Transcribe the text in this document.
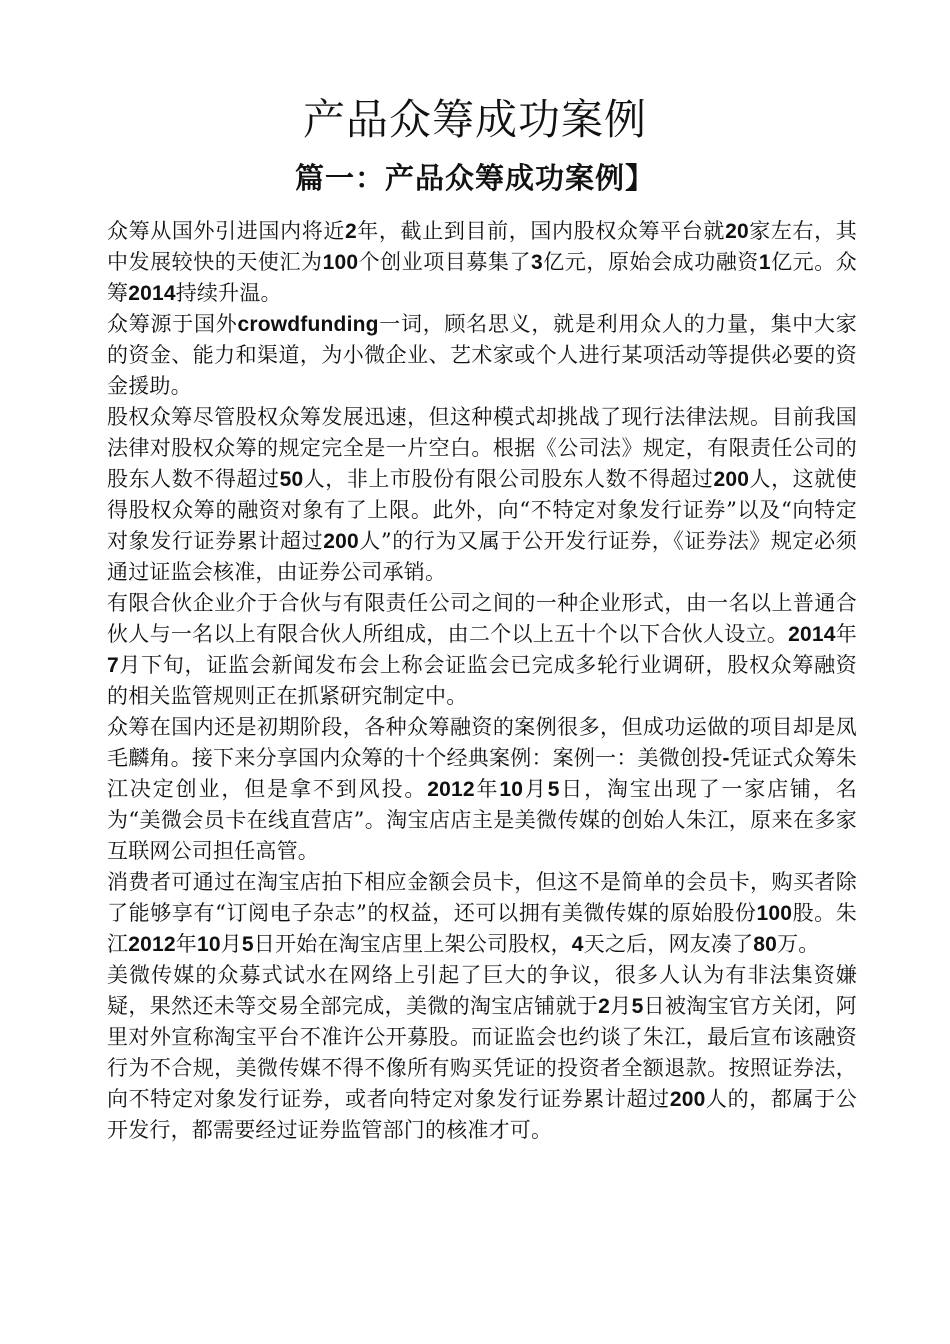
产品众筹成功案例
篇一：产品众筹成功案例】

众筹从国外引进国内将近2年，截止到目前，国内股权众筹平台就20家左右，其中发展较快的天使汇为100个创业项目募集了3亿元，原始会成功融资1亿元。众筹2014持续升温。

众筹源于国外crowdfunding一词，顾名思义，就是利用众人的力量，集中大家的资金、能力和渠道，为小微企业、艺术家或个人进行某项活动等提供必要的资金援助。

股权众筹尽管股权众筹发展迅速，但这种模式却挑战了现行法律法规。目前我国法律对股权众筹的规定完全是一片空白。根据《公司法》规定，有限责任公司的股东人数不得超过50人，非上市股份有限公司股东人数不得超过200人，这就使得股权众筹的融资对象有了上限。此外，向“不特定对象发行证券”以及“向特定对象发行证券累计超过200人”的行为又属于公开发行证券，《证券法》规定必须通过证监会核准，由证券公司承销。

有限合伙企业介于合伙与有限责任公司之间的一种企业形式，由一名以上普通合伙人与一名以上有限合伙人所组成，由二个以上五十个以下合伙人设立。2014年7月下旬，证监会新闻发布会上称会证监会已完成多轮行业调研，股权众筹融资的相关监管规则正在抓紧研究制定中。

众筹在国内还是初期阶段，各种众筹融资的案例很多，但成功运做的项目却是凤毛麟角。接下来分享国内众筹的十个经典案例：案例一：美微创投-凭证式众筹朱江决定创业，但是拿不到风投。2012年10月5日，淘宝出现了一家店铺，名为“美微会员卡在线直营店”。淘宝店店主是美微传媒的创始人朱江，原来在多家互联网公司担任高管。

消费者可通过在淘宝店拍下相应金额会员卡，但这不是简单的会员卡，购买者除了能够享有“订阅电子杂志”的权益，还可以拥有美微传媒的原始股份100股。朱江2012年10月5日开始在淘宝店里上架公司股权，4天之后，网友凑了80万。

美微传媒的众募式试水在网络上引起了巨大的争议，很多人认为有非法集资嫌疑，果然还未等交易全部完成，美微的淘宝店铺就于2月5日被淘宝官方关闭，阿里对外宣称淘宝平台不准许公开募股。而证监会也约谈了朱江，最后宣布该融资行为不合规，美微传媒不得不像所有购买凭证的投资者全额退款。按照证券法，向不特定对象发行证券，或者向特定对象发行证券累计超过200人的，都属于公开发行，都需要经过证券监管部门的核准才可。
